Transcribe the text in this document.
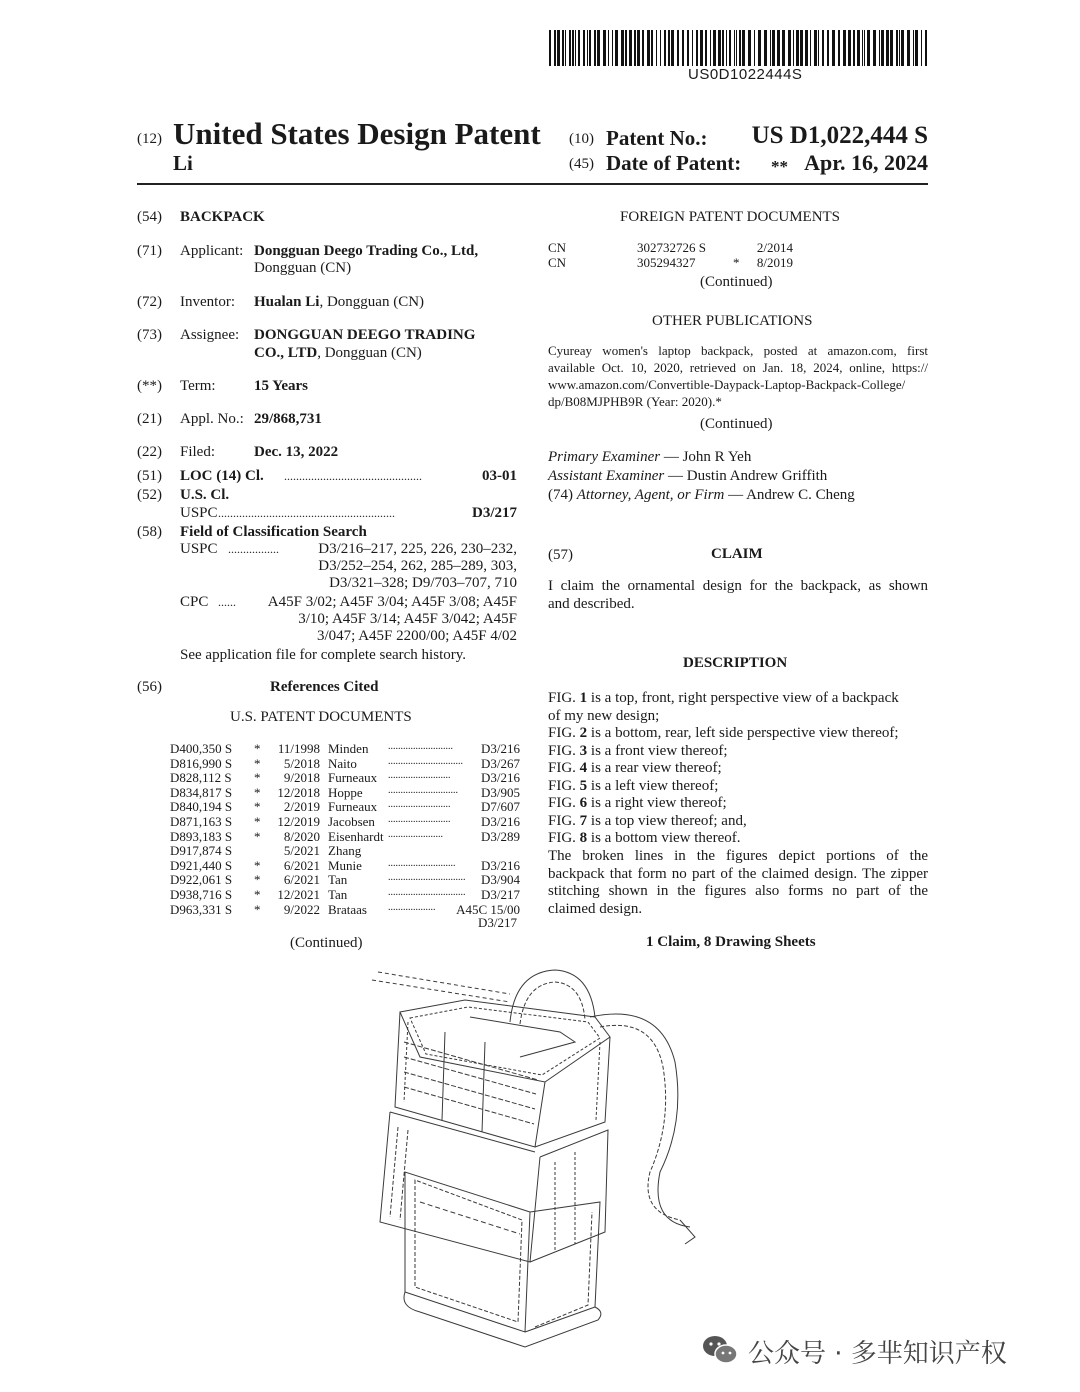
US0D1022444S
(12) United States Design Patent
Li
(10) Patent No.: US D1,022,444 S
(45) Date of Patent: ** Apr. 16, 2024
(54) BACKPACK
(71) Applicant: Dongguan Deego Trading Co., Ltd,
Dongguan (CN)
(72) Inventor: Hualan Li, Dongguan (CN)
(73) Assignee: DONGGUAN DEEGO TRADING
CO., LTD, Dongguan (CN)
(**) Term:	15 Years
(21) Appl. No.: 29/868,731
(22) Filed:	Dec. 13, 2022
(51) LOC (14) Cl. ..............................................	03-01
(52) U.S. Cl.
USPC ...........................................................	D3/217
(58) Field of Classification Search
USPC .................	D3/216–217, 225, 226, 230–232,
D3/252–254, 262, 285–289, 303,
D3/321–328; D9/703–707, 710
CPC ...... A45F 3/02; A45F 3/04; A45F 3/08; A45F
3/10; A45F 3/14; A45F 3/042; A45F
3/047; A45F 2200/00; A45F 4/02
See application file for complete search history.
(56)	References Cited
U.S. PATENT DOCUMENTS
D400,350 S * 11/1998 Minden .......................... D3/216
D816,990 S * 5/2018 Naito	.............................. D3/267
D828,112 S * 9/2018 Furneaux ......................... D3/216
D834,817 S * 12/2018 Hoppe	............................ D3/905
D840,194 S * 2/2019 Furneaux ......................... D7/607
D871,163 S * 12/2019 Jacobsen ......................... D3/216
D893,183 S * 8/2020 Eisenhardt ......................	D3/289
D917,874 S	5/2021 Zhang
D921,440 S * 6/2021 Munie	........................... D3/216
D922,061 S * 6/2021 Tan	............................... D3/904
D938,716 S * 12/2021 Tan	............................... D3/217
D963,331 S * 9/2022 Brataas ................... A45C 15/00
D3/217
(Continued)
FOREIGN PATENT DOCUMENTS
CN	302732726 S	2/2014
CN	305294327	* 8/2019
(Continued)
OTHER PUBLICATIONS
Cyureay women's laptop backpack, posted at amazon.com, first
available Oct. 10, 2020, retrieved on Jan. 18, 2024, online, https://
www.amazon.com/Convertible-Daypack-Laptop-Backpack-College/
dp/B08MJPHB9R (Year: 2020).*
(Continued)
Primary Examiner — John R Yeh
Assistant Examiner — Dustin Andrew Griffith
(74) Attorney, Agent, or Firm — Andrew C. Cheng
(57)	CLAIM
I claim the ornamental design for the backpack, as shown
and described.
DESCRIPTION
FIG. 1 is a top, front, right perspective view of a backpack
of my new design;
FIG. 2 is a bottom, rear, left side perspective view thereof;
FIG. 3 is a front view thereof;
FIG. 4 is a rear view thereof;
FIG. 5 is a left view thereof;
FIG. 6 is a right view thereof;
FIG. 7 is a top view thereof; and,
FIG. 8 is a bottom view thereof.
The broken lines in the figures depict portions of the
backpack that form no part of the claimed design. The zipper
stitching shown in the figures also forms no part of the
claimed design.
1 Claim, 8 Drawing Sheets
公众号 · 多芈知识产权
